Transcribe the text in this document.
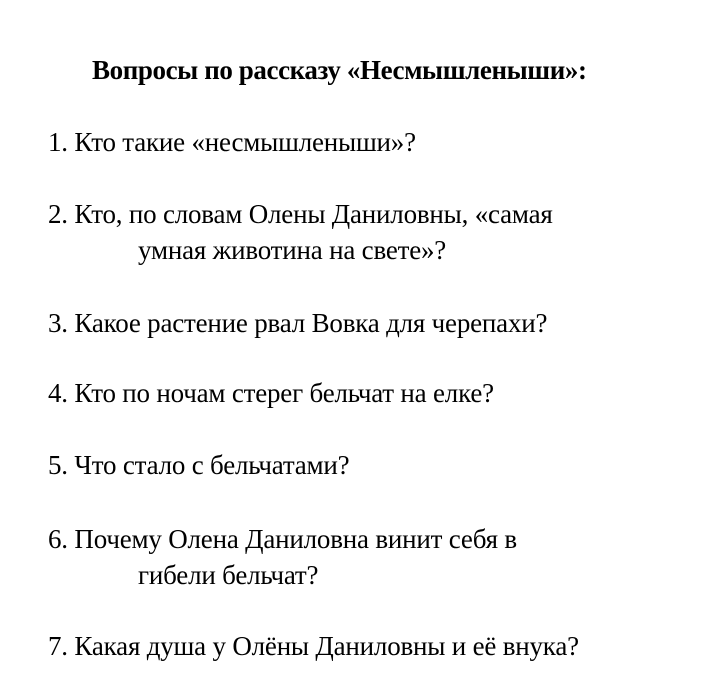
Вопросы по рассказу «Несмышленыши»:
1. Кто такие «несмышленыши»?
2. Кто, по словам Олены Даниловны, «самая
умная животина на свете»?
3. Какое растение рвал Вовка для черепахи?
4. Кто по ночам стерег бельчат на елке?
5. Что стало с бельчатами?
6. Почему Олена Даниловна винит себя в
гибели бельчат?
7. Какая душа у Олёны Даниловны и её внука?
